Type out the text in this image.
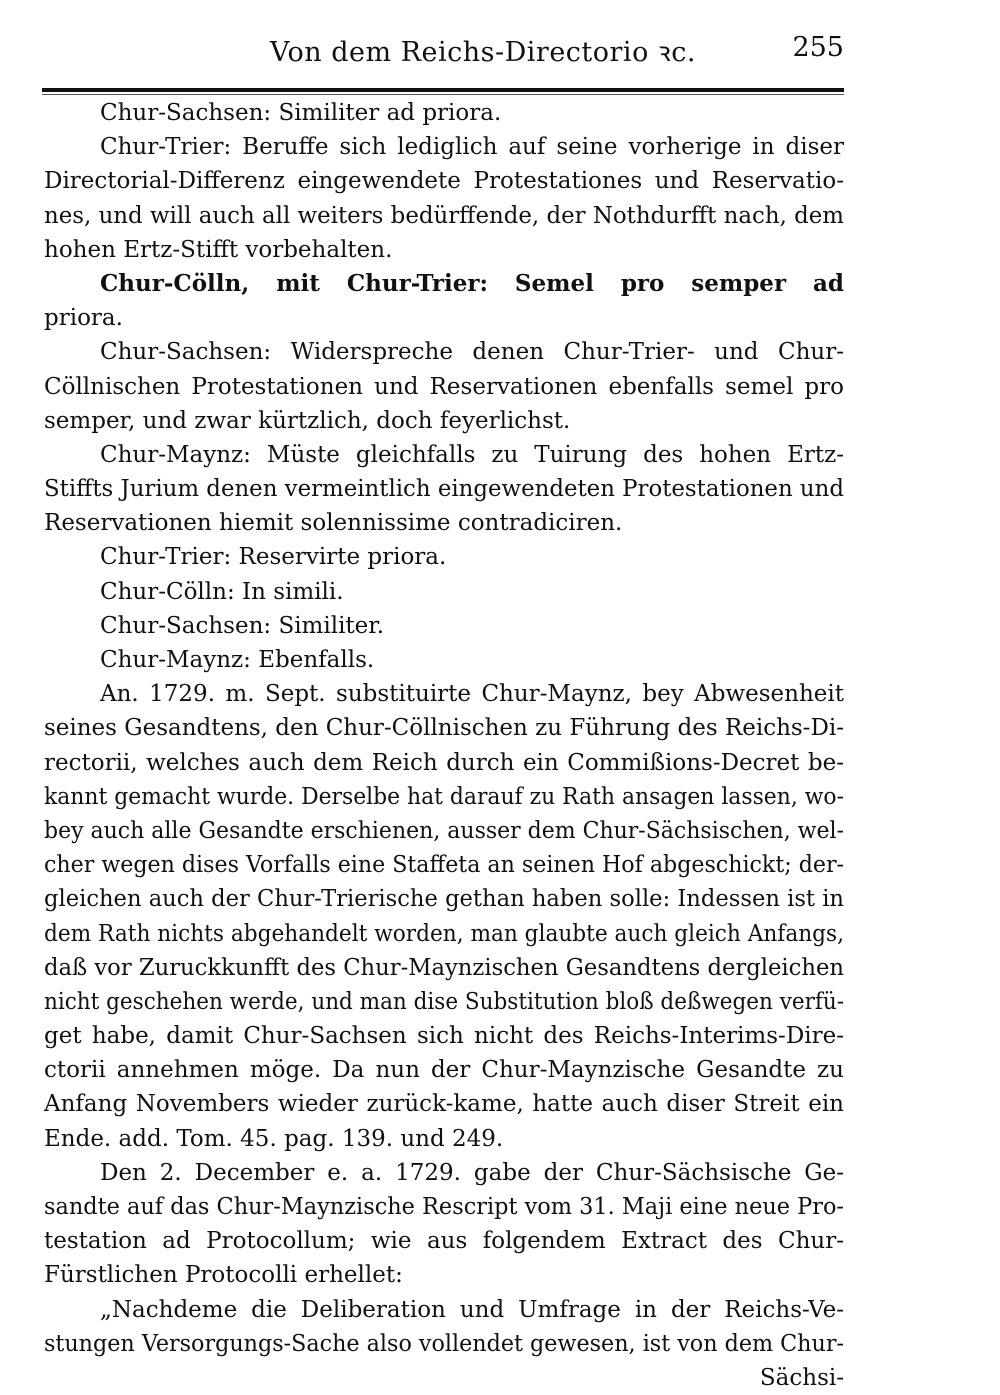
Von dem Reichs-Directorio ꝛc.	255
Chur-Sachsen: Similiter ad priora.
Chur-Trier: Beruffe sich lediglich auf seine vorherige in diser
Directorial-Differenz eingewendete Protestationes und Reservatio-
nes, und will auch all weiters bedürffende, der Nothdurfft nach, dem
hohen Ertz-Stifft vorbehalten.
Chur-Cölln, mit Chur-Trier: Semel pro semper ad
priora.
Chur-Sachsen: Widerspreche denen Chur-Trier- und Chur-
Cöllnischen Protestationen und Reservationen ebenfalls semel pro
semper, und zwar kürtzlich, doch feyerlichst.
Chur-Maynz: Müste gleichfalls zu Tuirung des hohen Ertz-
Stiffts Jurium denen vermeintlich eingewendeten Protestationen und
Reservationen hiemit solennissime contradiciren.
Chur-Trier: Reservirte priora.
Chur-Cölln: In simili.
Chur-Sachsen: Similiter.
Chur-Maynz: Ebenfalls.
An. 1729. m. Sept. substituirte Chur-Maynz, bey Abwesenheit
seines Gesandtens, den Chur-Cöllnischen zu Führung des Reichs-Di-
rectorii, welches auch dem Reich durch ein Commißions-Decret be-
kannt gemacht wurde. Derselbe hat darauf zu Rath ansagen lassen, wo-
bey auch alle Gesandte erschienen, ausser dem Chur-Sächsischen, wel-
cher wegen dises Vorfalls eine Staffeta an seinen Hof abgeschickt; der-
gleichen auch der Chur-Trierische gethan haben solle: Indessen ist in
dem Rath nichts abgehandelt worden, man glaubte auch gleich Anfangs,
daß vor Zuruckkunfft des Chur-Maynzischen Gesandtens dergleichen
nicht geschehen werde, und man dise Substitution bloß deßwegen verfü-
get habe, damit Chur-Sachsen sich nicht des Reichs-Interims-Dire-
ctorii annehmen möge. Da nun der Chur-Maynzische Gesandte zu
Anfang Novembers wieder zurück-kame, hatte auch diser Streit ein
Ende. add. Tom. 45. pag. 139. und 249.
Den 2. December e. a. 1729. gabe der Chur-Sächsische Ge-
sandte auf das Chur-Maynzische Rescript vom 31. Maji eine neue Pro-
testation ad Protocollum; wie aus folgendem Extract des Chur-
Fürstlichen Protocolli erhellet:
„Nachdeme die Deliberation und Umfrage in der Reichs-Ve-
stungen Versorgungs-Sache also vollendet gewesen, ist von dem Chur-
Sächsi-
